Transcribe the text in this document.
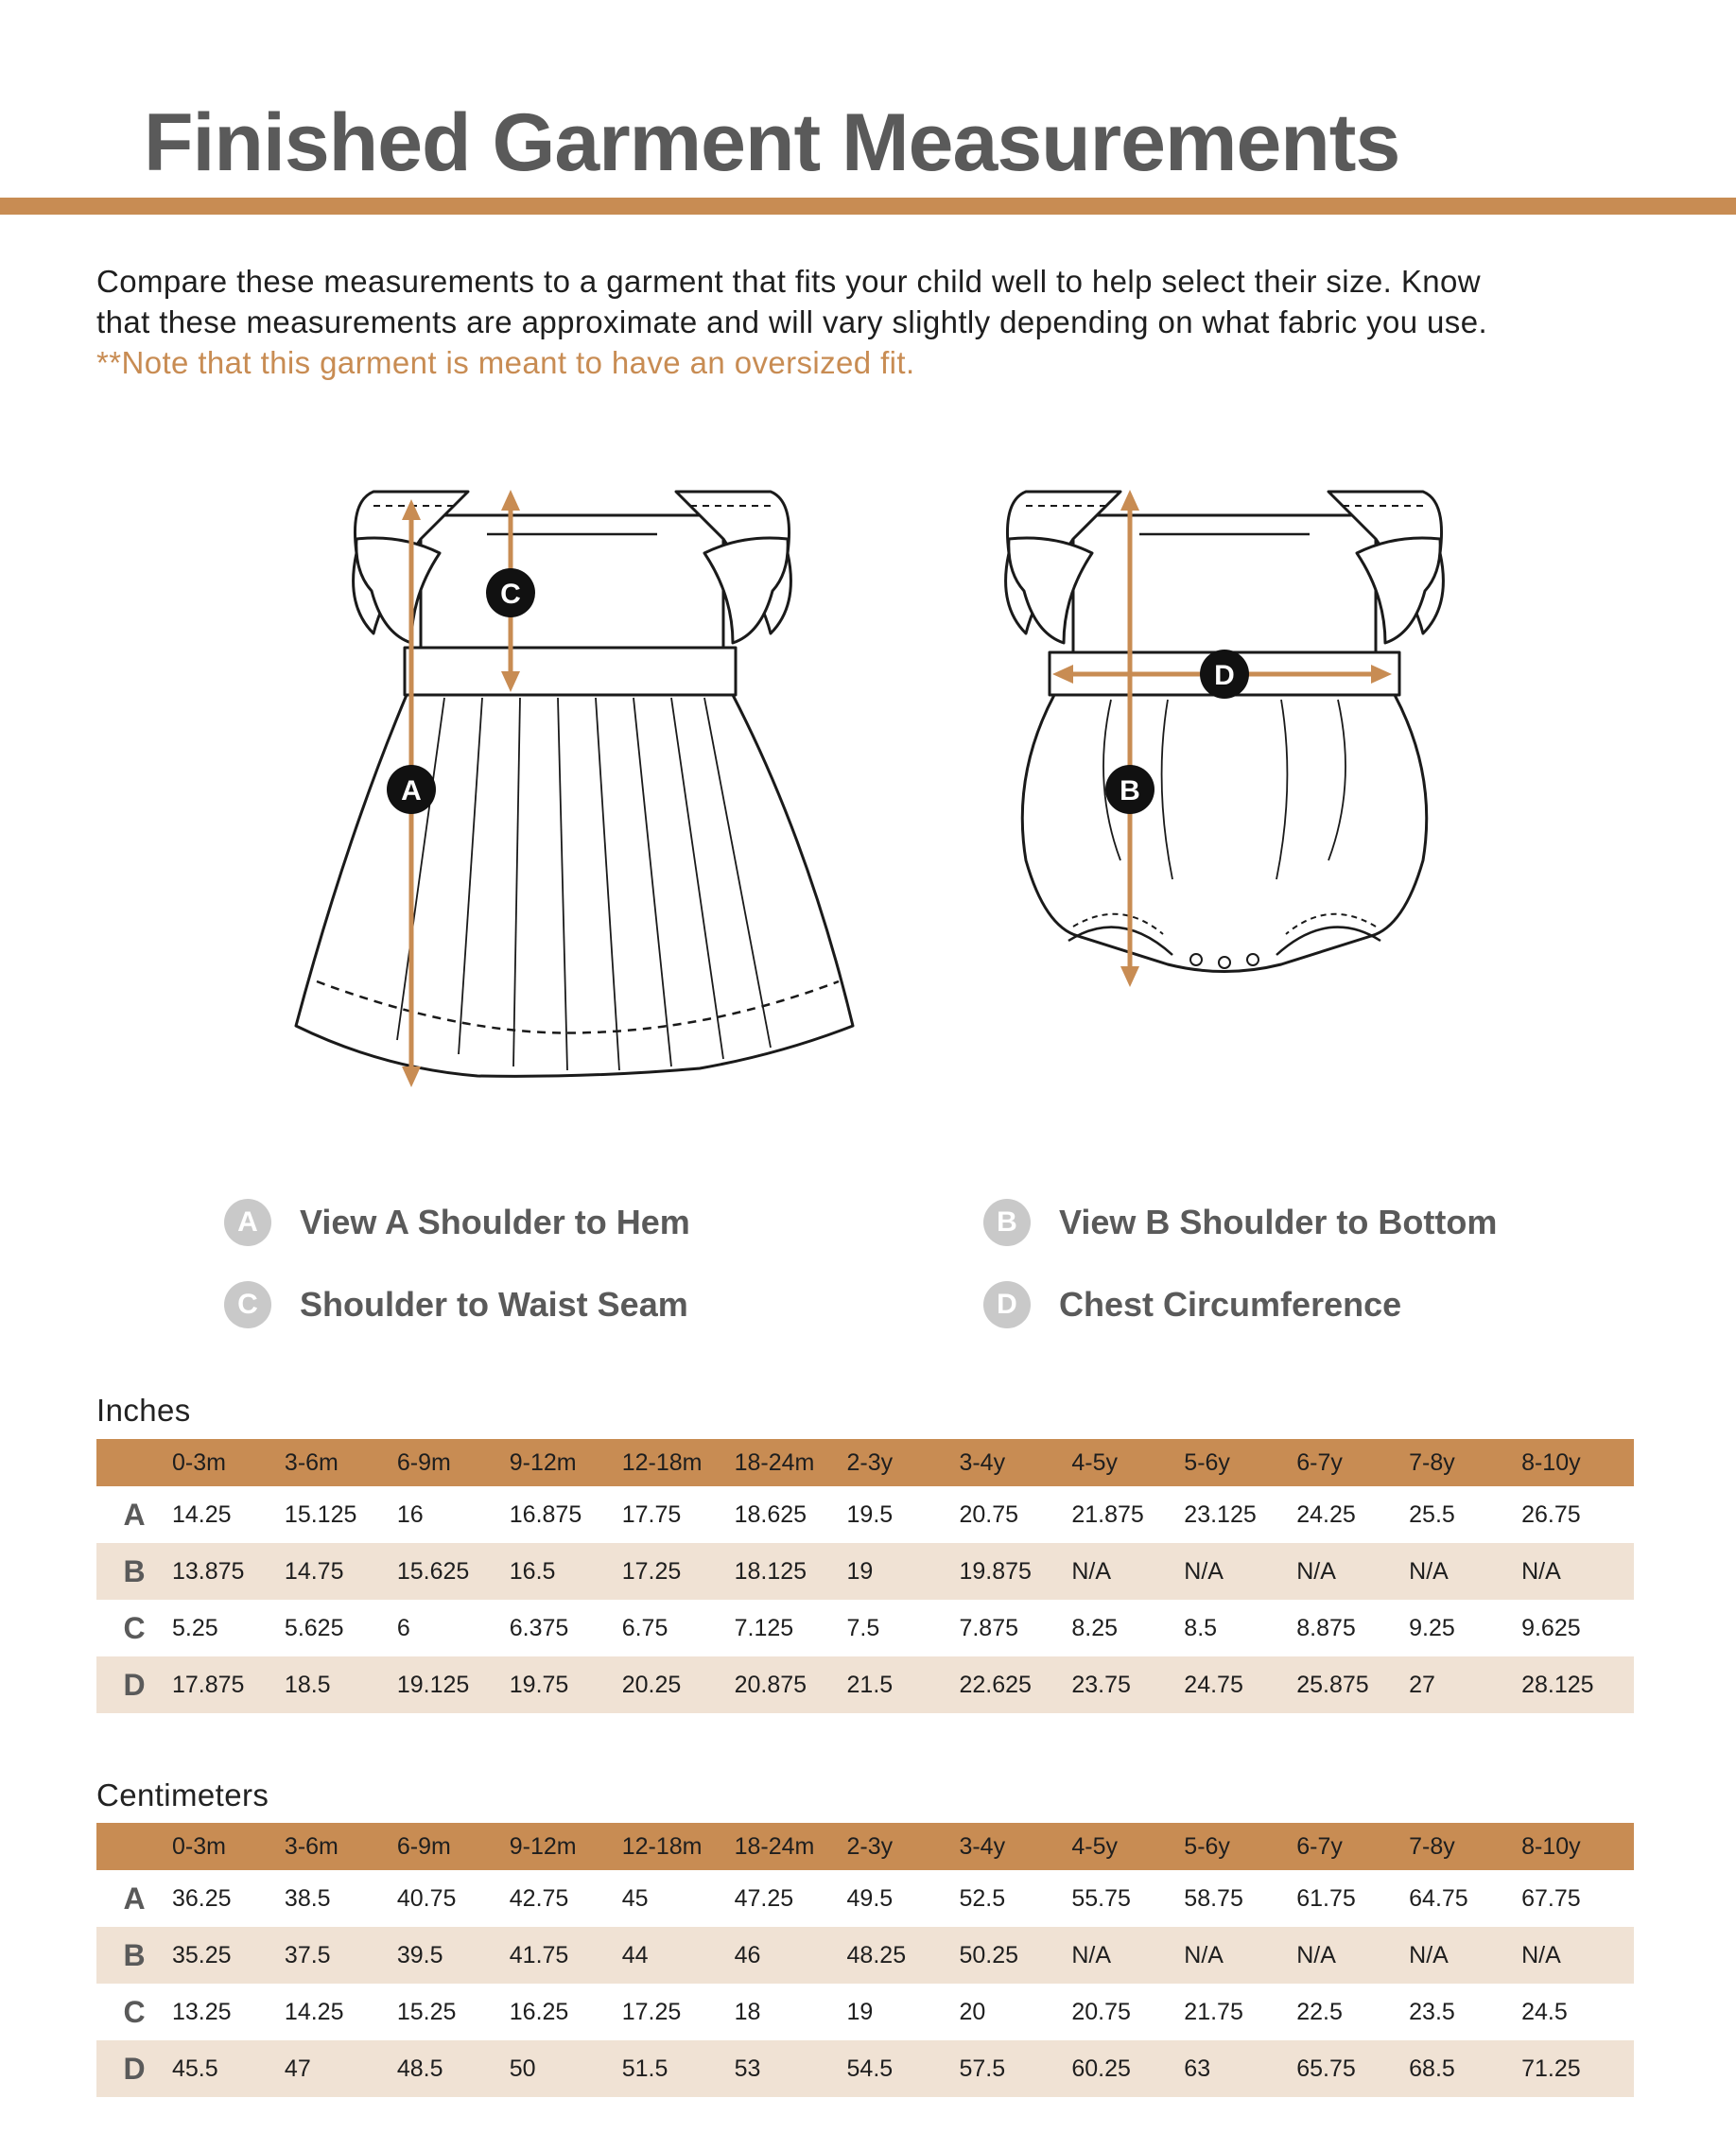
Finished Garment Measurements

Compare these measurements to a garment that fits your child well to help select their size. Know

that these measurements are approximate and will vary slightly depending on what fabric you use.

**Note that this garment is meant to have an oversized fit.

A
C
B
D
A	View A Shoulder to Hem	B	View B Shoulder to Bottom
C	Shoulder to Waist Seam	D	Chest Circumference
Inches
	0-3m	3-6m	6-9m	9-12m	12-18m	18-24m	2-3y	3-4y	4-5y	5-6y	6-7y	7-8y	8-10y
A	14.25	15.125	16	16.875	17.75	18.625	19.5	20.75	21.875	23.125	24.25	25.5	26.75
B	13.875	14.75	15.625	16.5	17.25	18.125	19	19.875	N/A	N/A	N/A	N/A	N/A
C	5.25	5.625	6	6.375	6.75	7.125	7.5	7.875	8.25	8.5	8.875	9.25	9.625
D	17.875	18.5	19.125	19.75	20.25	20.875	21.5	22.625	23.75	24.75	25.875	27	28.125
Centimeters
	0-3m	3-6m	6-9m	9-12m	12-18m	18-24m	2-3y	3-4y	4-5y	5-6y	6-7y	7-8y	8-10y
A	36.25	38.5	40.75	42.75	45	47.25	49.5	52.5	55.75	58.75	61.75	64.75	67.75
B	35.25	37.5	39.5	41.75	44	46	48.25	50.25	N/A	N/A	N/A	N/A	N/A
C	13.25	14.25	15.25	16.25	17.25	18	19	20	20.75	21.75	22.5	23.5	24.5
D	45.5	47	48.5	50	51.5	53	54.5	57.5	60.25	63	65.75	68.5	71.25
